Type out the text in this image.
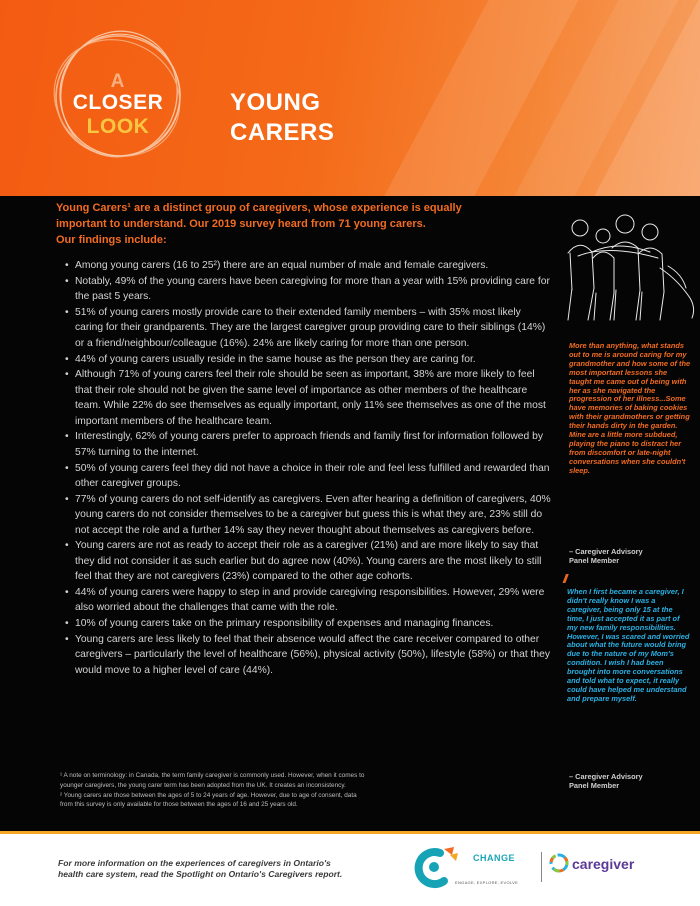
A
CLOSER
LOOK
YOUNG
CARERS
Young Carers¹ are a distinct group of caregivers, whose experience is equally
important to understand. Our 2019 survey heard from 71 young carers.
Our findings include:
• Among young carers (16 to 25²) there are an equal number of male and female caregivers.
• Notably, 49% of the young carers have been caregiving for more than a year with 15% providing care for the past 5 years.
• 51% of young carers mostly provide care to their extended family members – with 35% most likely caring for their grandparents. They are the largest caregiver group providing care to their siblings (14%) or a friend/neighbour/colleague (16%). 24% are likely caring for more than one person.
• 44% of young carers usually reside in the same house as the person they are caring for.
• Although 71% of young carers feel their role should be seen as important, 38% are more likely to feel that their role should not be given the same level of importance as other members of the healthcare team. While 22% do see themselves as equally important, only 11% see themselves as one of the most important members of the healthcare team.
• Interestingly, 62% of young carers prefer to approach friends and family first for information followed by 57% turning to the internet.
• 50% of young carers feel they did not have a choice in their role and feel less fulfilled and rewarded than other caregiver groups.
• 77% of young carers do not self-identify as caregivers. Even after hearing a definition of caregivers, 40% young carers do not consider themselves to be a caregiver but guess this is what they are, 23% still do not accept the role and a further 14% say they never thought about themselves as caregivers before.
• Young carers are not as ready to accept their role as a caregiver (21%) and are more likely to say that they did not consider it as such earlier but do agree now (40%). Young carers are the most likely to still feel that they are not caregivers (23%) compared to the other age cohorts.
• 44% of young carers were happy to step in and provide caregiving responsibilities. However, 29% were also worried about the challenges that came with the role.
• 10% of young carers take on the primary responsibility of expenses and managing finances.
• Young carers are less likely to feel that their absence would affect the care receiver compared to other caregivers – particularly the level of healthcare (56%), physical activity (50%), lifestyle (58%) or that they would move to a higher level of care (44%).

¹ A note on terminology: in Canada, the term family caregiver is commonly used. However, when it comes to

younger caregivers, the young carer term has been adopted from the UK. It creates an inconsistency.

² Young carers are those between the ages of 5 to 24 years of age. However, due to age of consent, data

from this survey is only available for those between the ages of 16 and 25 years old.

More than anything, what stands out to me is around caring for my grandmother and how some of the most important lessons she taught me came out of being with her as she navigated the progression of her illness...Some have memories of baking cookies with their grandmothers or getting their hands dirty in the garden. Mine are a little more subdued, playing the piano to distract her from discomfort or late-night conversations when she couldn't sleep.
– Caregiver Advisory
Panel Member
//
When I first became a caregiver, I didn't really know I was a caregiver, being only 15 at the time, I just accepted it as part of my new family responsibilities. However, I was scared and worried about what the future would bring due to the nature of my Mom's condition. I wish I had been brought into more conversations and told what to expect, it really could have helped me understand and prepare myself.
– Caregiver Advisory
Panel Member
For more information on the experiences of caregivers in Ontario's
health care system, read the Spotlight on Ontario's Caregivers report.
CHANGE
ENGAGE, EXPLORE, EVOLVE
caregiver
